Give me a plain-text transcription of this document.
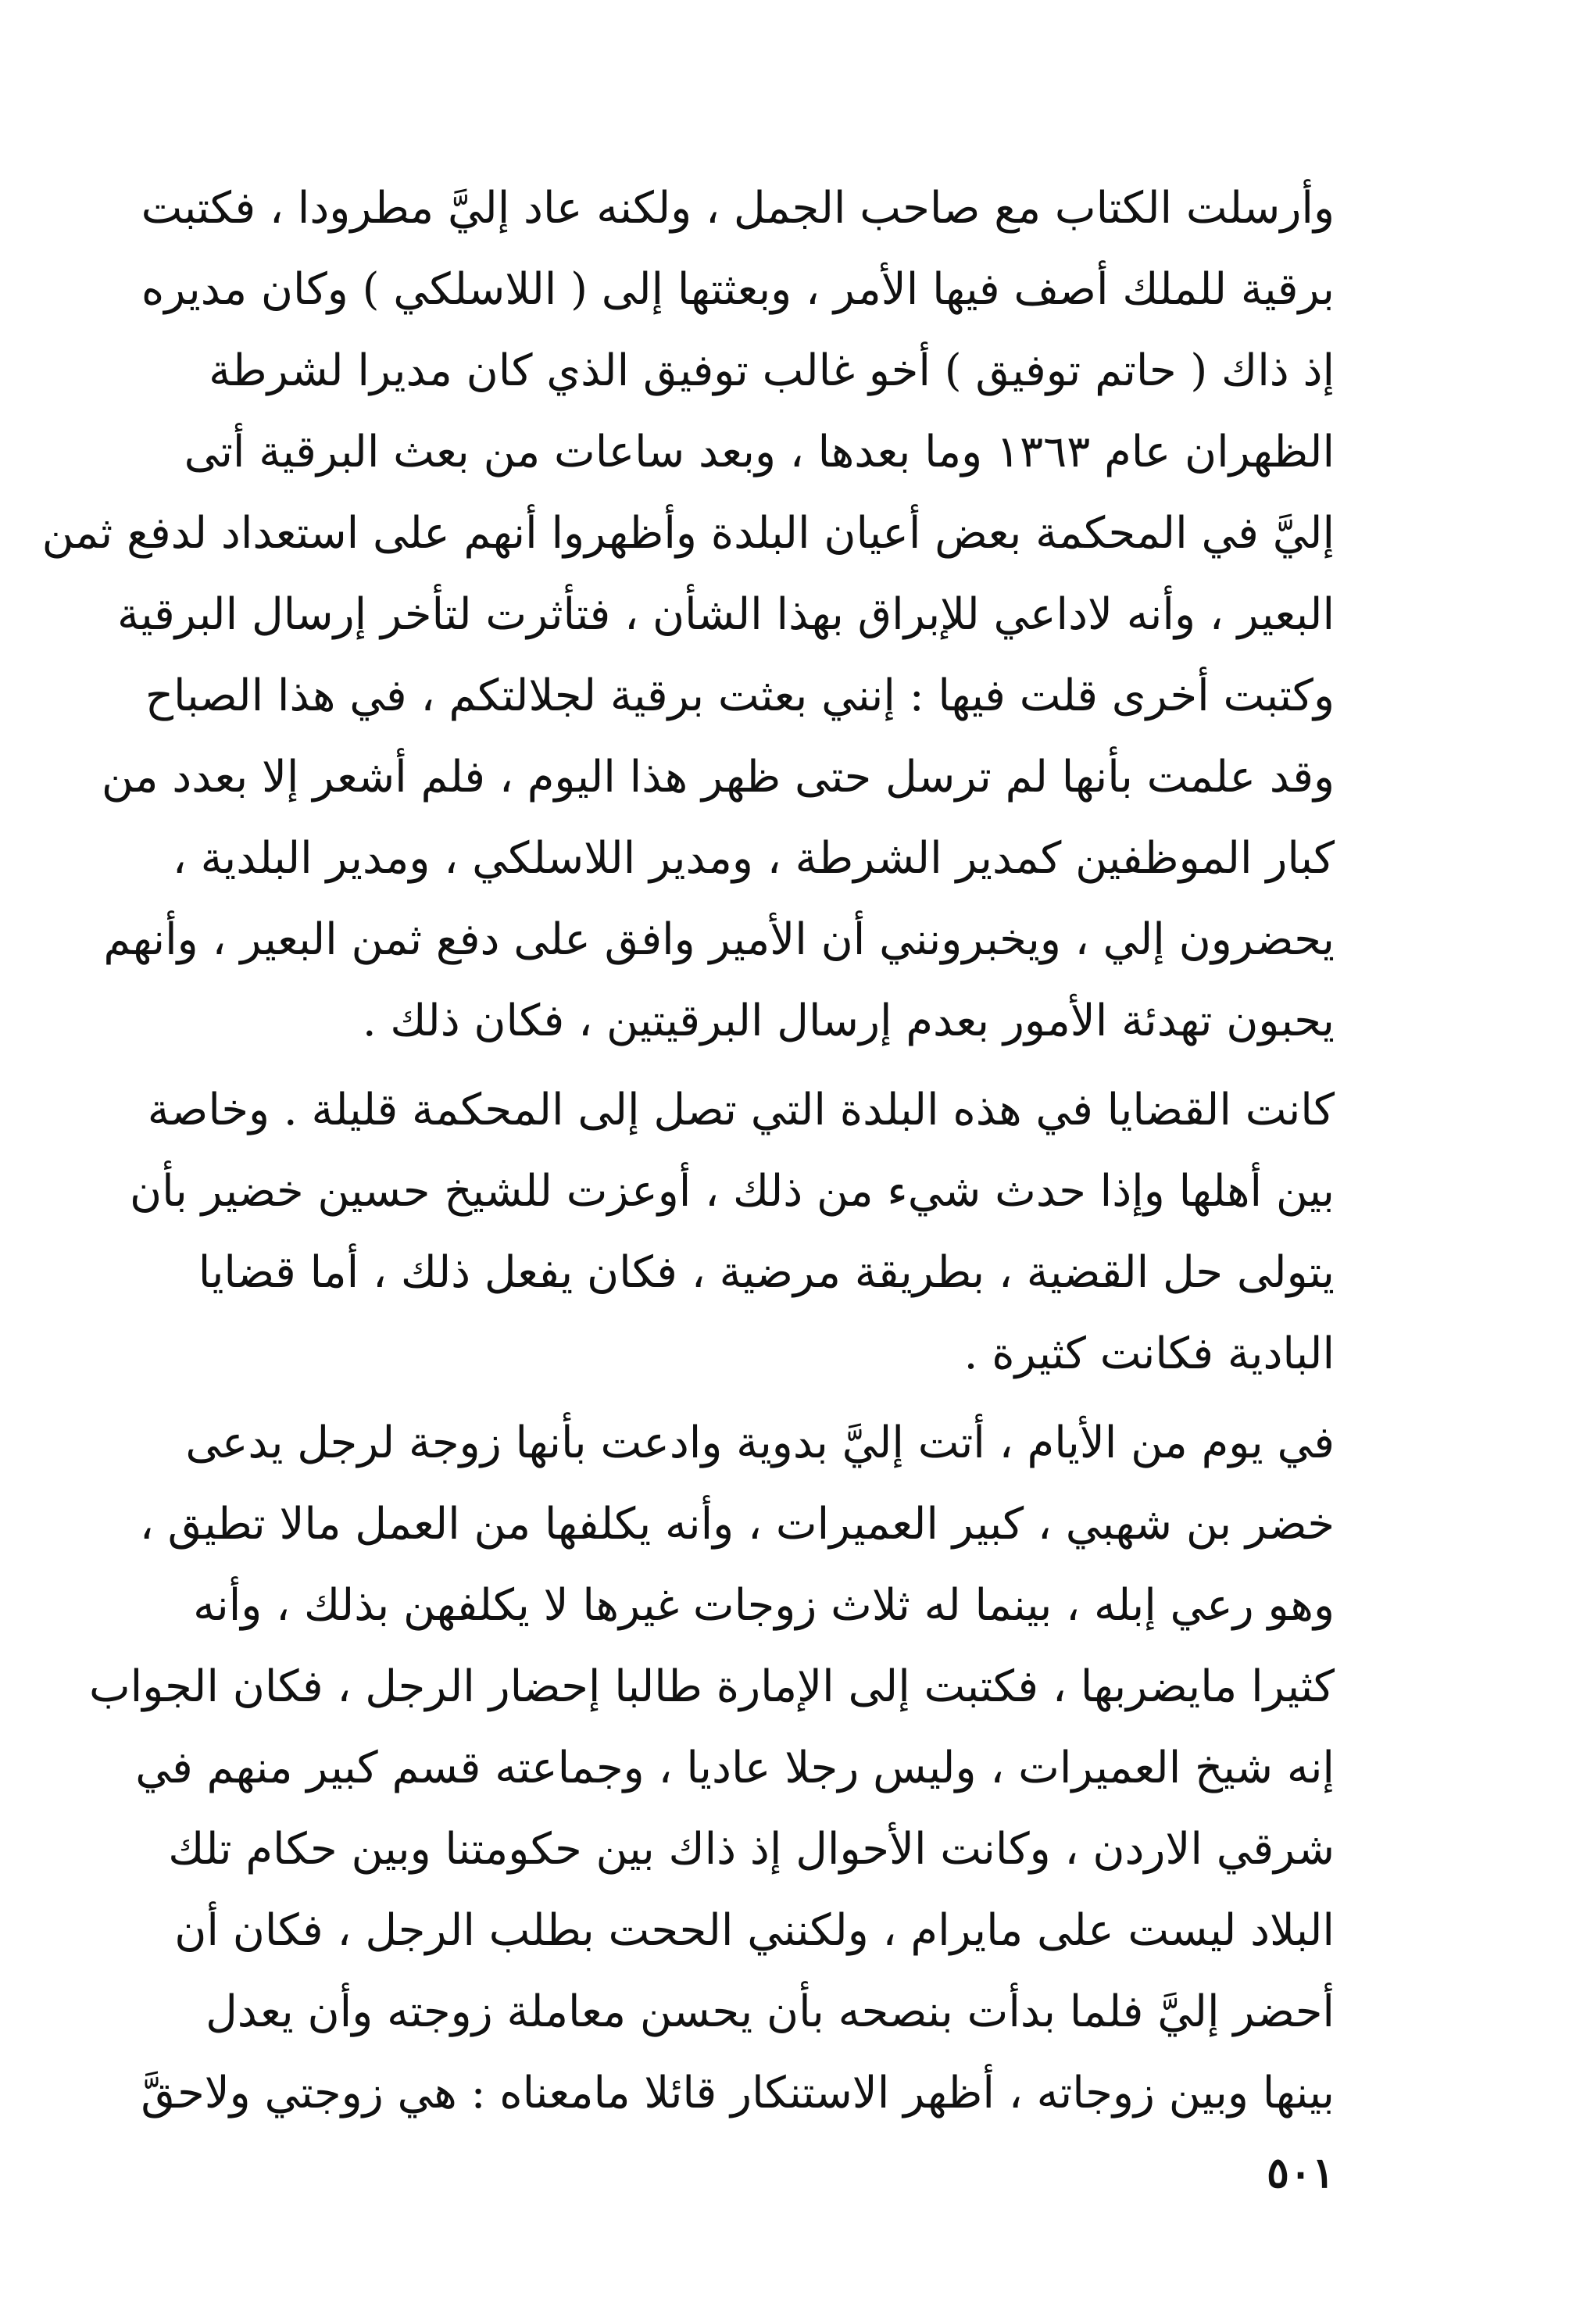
وأرسلت الكتاب مع صاحب الجمل ، ولكنه عاد إليَّ مطرودا ، فكتبت
برقية للملك أصف فيها الأمر ، وبعثتها إلى ( اللاسلكي ) وكان مديره
إذ ذاك ( حاتم توفيق ) أخو غالب توفيق الذي كان مديرا لشرطة
الظهران عام ١٣٦٣ وما بعدها ، وبعد ساعات من بعث البرقية أتى
إليَّ في المحكمة بعض أعيان البلدة وأظهروا أنهم على استعداد لدفع ثمن
البعير ، وأنه لاداعي للإبراق بهذا الشأن ، فتأثرت لتأخر إرسال البرقية
وكتبت أخرى قلت فيها : إنني بعثت برقية لجلالتكم ، في هذا الصباح
وقد علمت بأنها لم ترسل حتى ظهر هذا اليوم ، فلم أشعر إلا بعدد من
كبار الموظفين كمدير الشرطة ، ومدير اللاسلكي ، ومدير البلدية ،
يحضرون إلي ، ويخبرونني أن الأمير وافق على دفع ثمن البعير ، وأنهم
يحبون تهدئة الأمور بعدم إرسال البرقيتين ، فكان ذلك .

كانت القضايا في هذه البلدة التي تصل إلى المحكمة قليلة . وخاصة
بين أهلها وإذا حدث شيء من ذلك ، أوعزت للشيخ حسين خضير بأن
يتولى حل القضية ، بطريقة مرضية ، فكان يفعل ذلك ، أما قضايا
البادية فكانت كثيرة .

في يوم من الأيام ، أتت إليَّ بدوية وادعت بأنها زوجة لرجل يدعى
خضر بن شهبي ، كبير العميرات ، وأنه يكلفها من العمل مالا تطيق ،
وهو رعي إبله ، بينما له ثلاث زوجات غيرها لا يكلفهن بذلك ، وأنه
كثيرا مايضربها ، فكتبت إلى الإمارة طالبا إحضار الرجل ، فكان الجواب
إنه شيخ العميرات ، وليس رجلا عاديا ، وجماعته قسم كبير منهم في
شرقي الاردن ، وكانت الأحوال إذ ذاك بين حكومتنا وبين حكام تلك
البلاد ليست على مايرام ، ولكنني الححت بطلب الرجل ، فكان أن
أحضر إليَّ فلما بدأت بنصحه بأن يحسن معاملة زوجته وأن يعدل
بينها وبين زوجاته ، أظهر الاستنكار قائلا مامعناه : هي زوجتي ولاحقَّ

٥٠١
